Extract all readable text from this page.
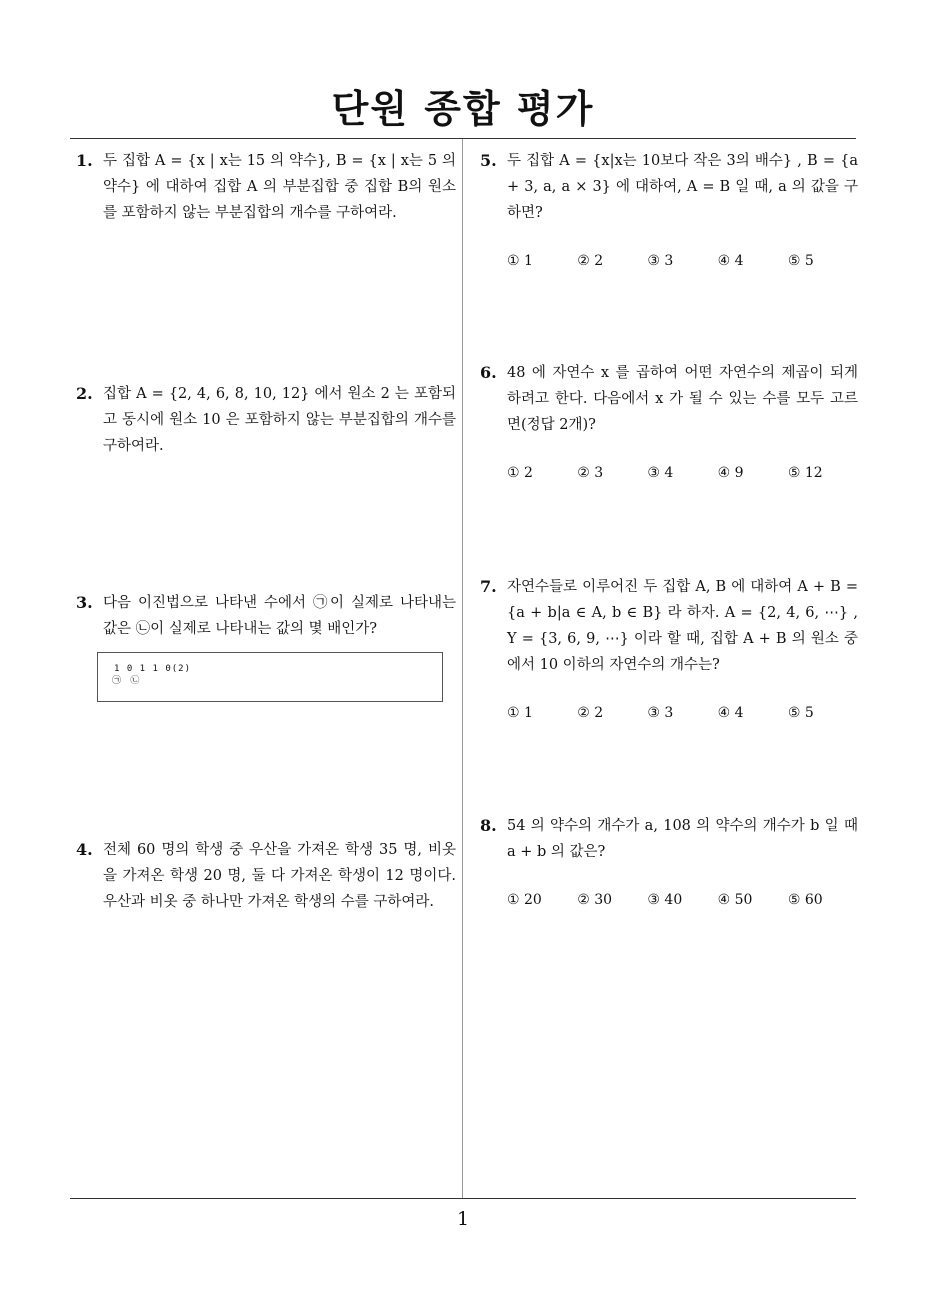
단원 종합 평가
1. 두 집합 A = {x | x는 15 의 약수}, B = {x | x는 5 의 약수} 에 대하여 집합 A 의 부분집합 중 집합 B의 원소를 포함하지 않는 부분집합의 개수를 구하여라.
2. 집합 A = {2, 4, 6, 8, 10, 12} 에서 원소 2 는 포함되고 동시에 원소 10 은 포함하지 않는 부분집합의 개수를 구하여라.
3. 다음 이진법으로 나타낸 수에서 ㉠이 실제로 나타내는 값은 ㉡이 실제로 나타내는 값의 몇 배인가?
1 0 1 1 0(2)
㉠ ㉡
4. 전체 60 명의 학생 중 우산을 가져온 학생 35 명, 비옷을 가져온 학생 20 명, 둘 다 가져온 학생이 12 명이다. 우산과 비옷 중 하나만 가져온 학생의 수를 구하여라.
5. 두 집합 A = {x|x는 10보다 작은 3의 배수} , B = {a + 3, a, a × 3} 에 대하여, A = B 일 때, a 의 값을 구하면?
① 1	② 2	③ 3	④ 4	⑤ 5
6. 48 에 자연수 x 를 곱하여 어떤 자연수의 제곱이 되게 하려고 한다. 다음에서 x 가 될 수 있는 수를 모두 고르면(정답 2개)?
① 2	② 3	③ 4	④ 9	⑤ 12
7. 자연수들로 이루어진 두 집합 A, B 에 대하여 A + B = {a + b|a ∈ A, b ∈ B} 라 하자. A = {2, 4, 6, ⋯} , Y = {3, 6, 9, ⋯} 이라 할 때, 집합 A + B 의 원소 중에서 10 이하의 자연수의 개수는?
① 1	② 2	③ 3	④ 4	⑤ 5
8. 54 의 약수의 개수가 a, 108 의 약수의 개수가 b 일 때 a + b 의 값은?
① 20	② 30	③ 40	④ 50	⑤ 60
1
